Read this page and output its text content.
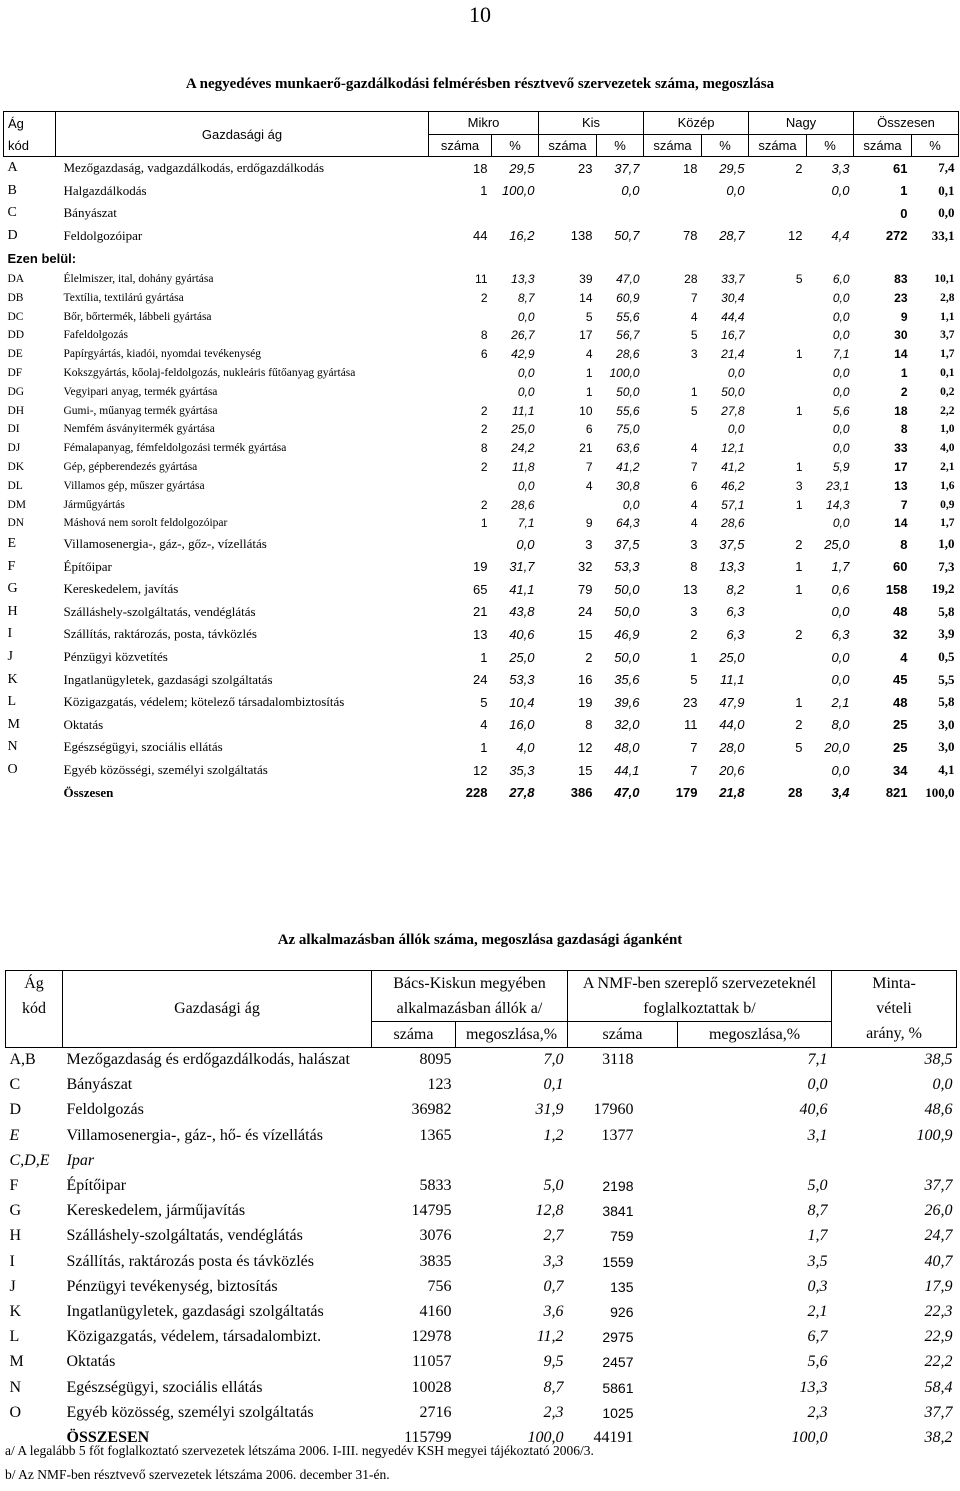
10
A negyedéves munkaerő-gazdálkodási felmérésben résztvevő szervezetek száma, megoszlása
Ág	Gazdasági ág	Mikro		Kis		Közép		Nagy		Összesen	
kód		száma	%	száma	%	száma	%	száma	%	száma	%
A	Mezőgazdaság, vadgazdálkodás, erdőgazdálkodás	18	29,5	23	37,7	18	29,5	2	3,3	61	7,4
B	Halgazdálkodás	1	100,0		0,0		0,0		0,0	1	0,1
C	Bányászat									0	0,0
D	Feldolgozóipar	44	16,2	138	50,7	78	28,7	12	4,4	272	33,1
Ezen belül:											
DA	Élelmiszer, ital, dohány gyártása	11	13,3	39	47,0	28	33,7	5	6,0	83	10,1
DB	Textília, textilárú gyártása	2	8,7	14	60,9	7	30,4		0,0	23	2,8
DC	Bőr, bőrtermék, lábbeli gyártása		0,0	5	55,6	4	44,4		0,0	9	1,1
DD	Fafeldolgozás	8	26,7	17	56,7	5	16,7		0,0	30	3,7
DE	Papírgyártás, kiadói, nyomdai tevékenység	6	42,9	4	28,6	3	21,4	1	7,1	14	1,7
DF	Kokszgyártás, kőolaj-feldolgozás, nukleáris fűtőanyag gyártása		0,0	1	100,0		0,0		0,0	1	0,1
DG	Vegyipari anyag, termék gyártása		0,0	1	50,0	1	50,0		0,0	2	0,2
DH	Gumi-, műanyag termék gyártása	2	11,1	10	55,6	5	27,8	1	5,6	18	2,2
DI	Nemfém ásványitermék gyártása	2	25,0	6	75,0		0,0		0,0	8	1,0
DJ	Fémalapanyag, fémfeldolgozási termék gyártása	8	24,2	21	63,6	4	12,1		0,0	33	4,0
DK	Gép, gépberendezés gyártása	2	11,8	7	41,2	7	41,2	1	5,9	17	2,1
DL	Villamos gép, műszer gyártása		0,0	4	30,8	6	46,2	3	23,1	13	1,6
DM	Járműgyártás	2	28,6		0,0	4	57,1	1	14,3	7	0,9
DN	Máshová nem sorolt feldolgozóipar	1	7,1	9	64,3	4	28,6		0,0	14	1,7
E	Villamosenergia-, gáz-, gőz-, vízellátás		0,0	3	37,5	3	37,5	2	25,0	8	1,0
F	Építőipar	19	31,7	32	53,3	8	13,3	1	1,7	60	7,3
G	Kereskedelem, javítás	65	41,1	79	50,0	13	8,2	1	0,6	158	19,2
H	Szálláshely-szolgáltatás, vendéglátás	21	43,8	24	50,0	3	6,3		0,0	48	5,8
I	Szállítás, raktározás, posta, távközlés	13	40,6	15	46,9	2	6,3	2	6,3	32	3,9
J	Pénzügyi közvetítés	1	25,0	2	50,0	1	25,0		0,0	4	0,5
K	Ingatlanügyletek, gazdasági szolgáltatás	24	53,3	16	35,6	5	11,1		0,0	45	5,5
L	Közigazgatás, védelem; kötelező társadalombiztosítás	5	10,4	19	39,6	23	47,9	1	2,1	48	5,8
M	Oktatás	4	16,0	8	32,0	11	44,0	2	8,0	25	3,0
N	Egészségügyi, szociális ellátás	1	4,0	12	48,0	7	28,0	5	20,0	25	3,0
O	Egyéb közösségi, személyi szolgáltatás	12	35,3	15	44,1	7	20,6		0,0	34	4,1
	Összesen	228	27,8	386	47,0	179	21,8	28	3,4	821	100,0
Az alkalmazásban állók száma, megoszlása gazdasági áganként
Ág	Gazdasági ág	Bács-Kiskun megyében		A NMF-ben szereplő szervezeteknél		Minta-
kód		alkalmazásban állók a/		foglalkoztattak b/		vételi
		száma	megoszlása,%	száma	megoszlása,%	arány, %
A,B	Mezőgazdaság és erdőgazdálkodás, halászat	8095	7,0	3118	7,1	38,5
C	Bányászat	123	0,1		0,0	0,0
D	Feldolgozás	36982	31,9	17960	40,6	48,6
E	Villamosenergia-, gáz-, hő- és vízellátás	1365	1,2	1377	3,1	100,9
C,D,E	Ipar					
F	Építőipar	5833	5,0	2198	5,0	37,7
G	Kereskedelem, járműjavítás	14795	12,8	3841	8,7	26,0
H	Szálláshely-szolgáltatás, vendéglátás	3076	2,7	759	1,7	24,7
I	Szállítás, raktározás posta és távközlés	3835	3,3	1559	3,5	40,7
J	Pénzügyi tevékenység, biztosítás	756	0,7	135	0,3	17,9
K	Ingatlanügyletek, gazdasági szolgáltatás	4160	3,6	926	2,1	22,3
L	Közigazgatás, védelem, társadalombizt.	12978	11,2	2975	6,7	22,9
M	Oktatás	11057	9,5	2457	5,6	22,2
N	Egészségügyi, szociális ellátás	10028	8,7	5861	13,3	58,4
O	Egyéb közösség, személyi szolgáltatás	2716	2,3	1025	2,3	37,7
	ÖSSZESEN	115799	100,0	44191	100,0	38,2
a/ A legalább 5 főt foglalkoztató szervezetek létszáma 2006. I-III. negyedév KSH megyei tájékoztató 2006/3.
b/ Az NMF-ben résztvevő szervezetek létszáma 2006. december 31-én.
